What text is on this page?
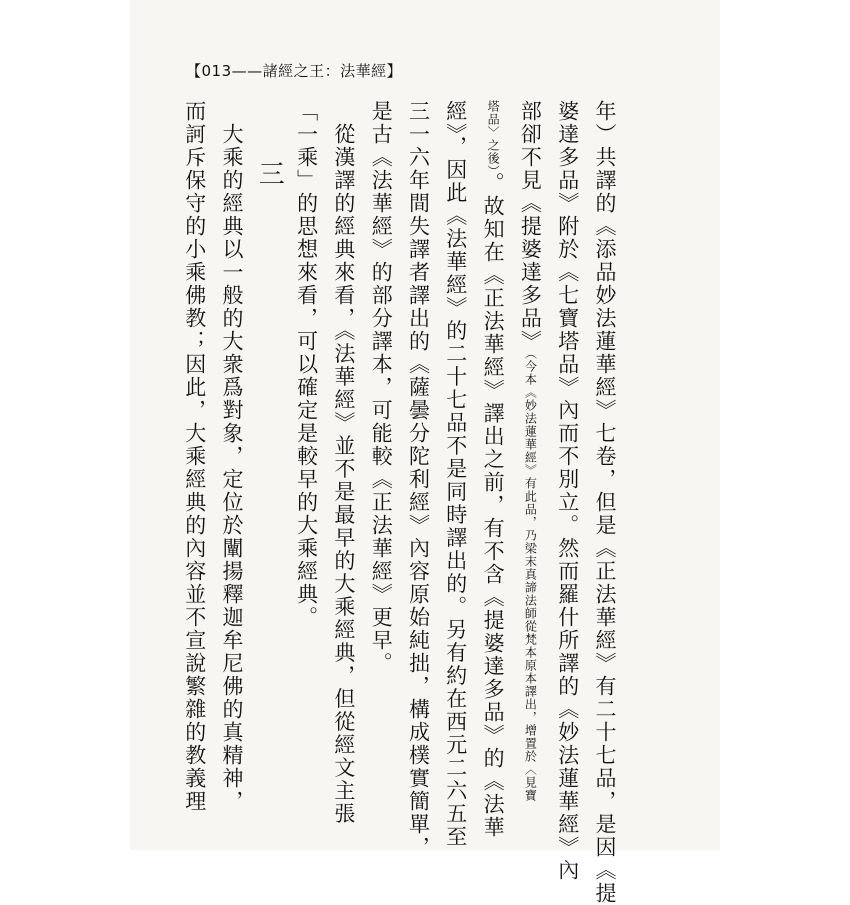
【013——諸經之王：法華經】
年）共譯的《添品妙法蓮華經》七卷，但是《正法華經》有二十七品，是因《提
婆達多品》附於《七寶塔品》內而不別立。然而羅什所譯的《妙法蓮華經》內
部卻不見《提婆達多品》（今本《妙法蓮華經》有此品，乃梁末真諦法師從梵本原本譯出，增置於〈見寶
塔品〉之後）。故知在《正法華經》譯出之前，有不含《提婆達多品》的《法華
經》，因此《法華經》的二十七品不是同時譯出的。另有約在西元二六五至
三一六年間失譯者譯出的《薩曇分陀利經》內容原始純拙，構成樸實簡單，
是古《法華經》的部分譯本，可能較《正法華經》更早。
　從漢譯的經典來看，《法華經》並不是最早的大乘經典，但從經文主張
「一乘」的思想來看，可以確定是較早的大乘經典。
三
　大乘的經典以一般的大衆爲對象，定位於闡揚釋迦牟尼佛的真精神，
而訶斥保守的小乘佛教；因此，大乘經典的內容並不宣說繁雜的教義理
